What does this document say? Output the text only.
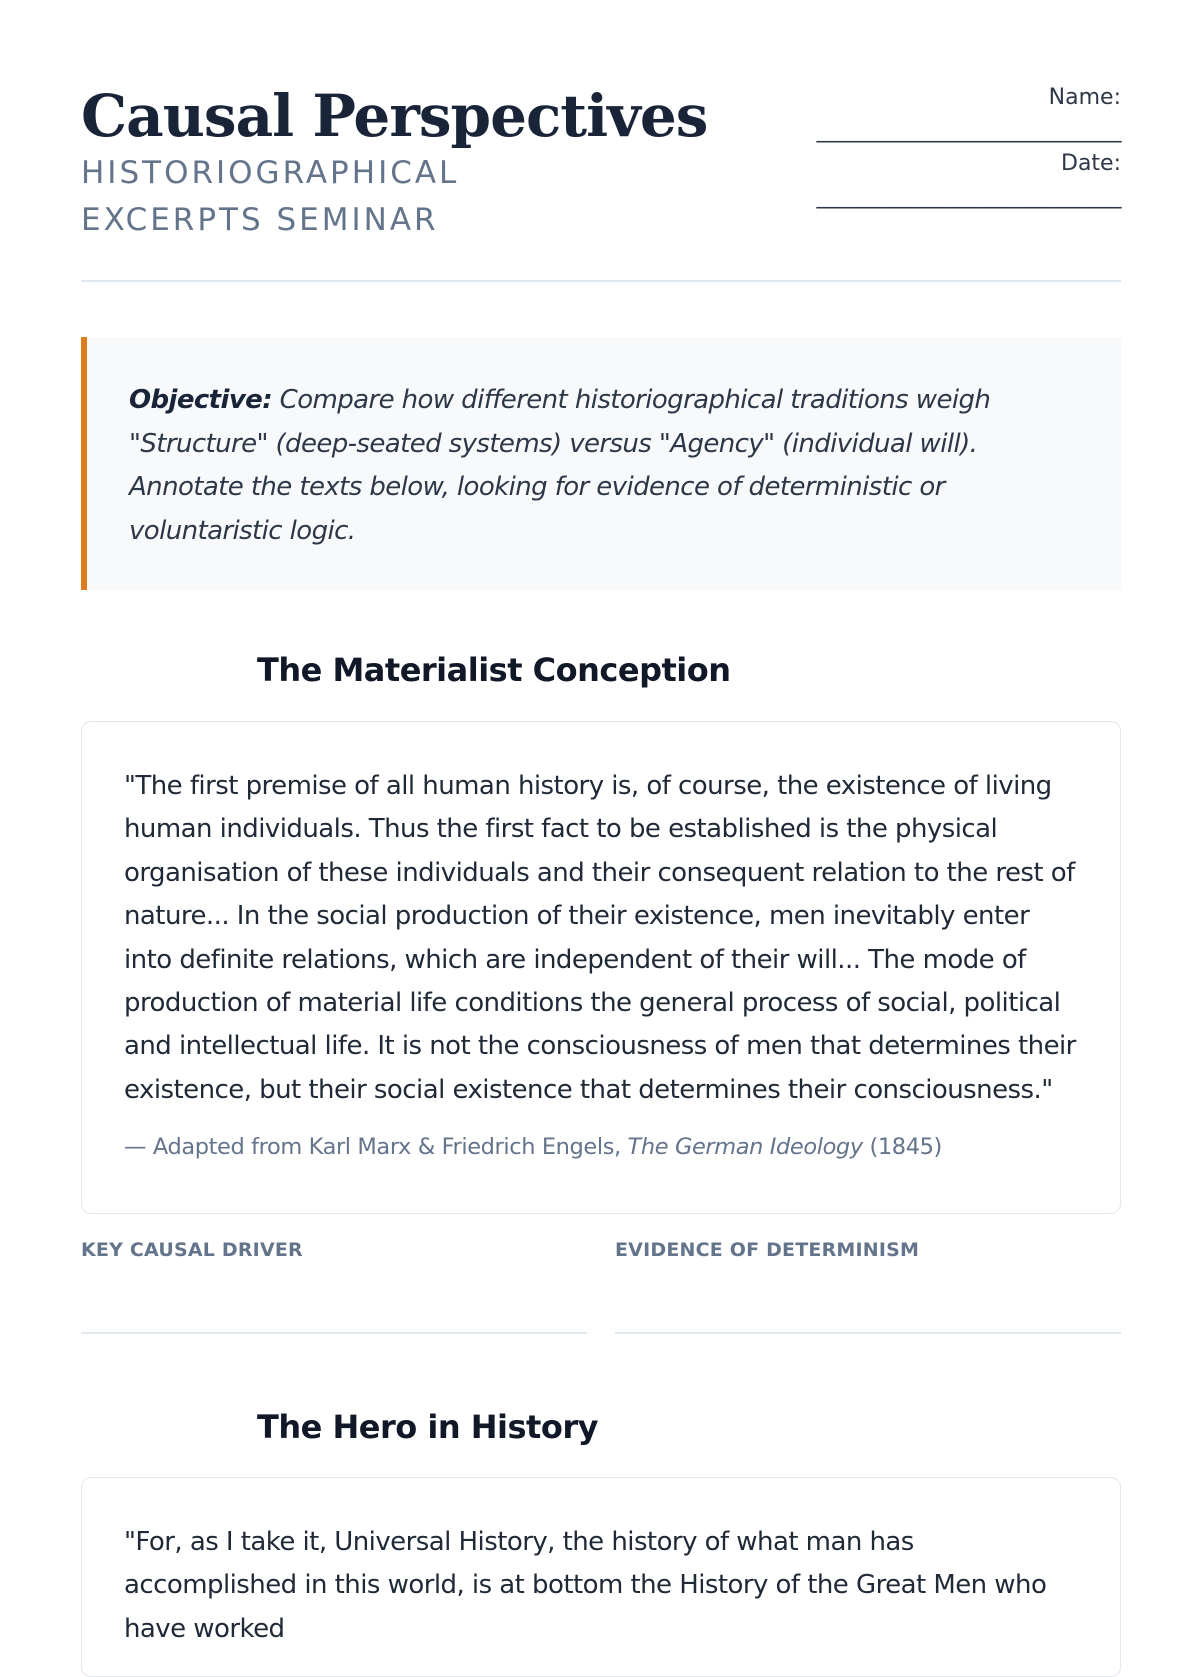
Causal Perspectives
HISTORIOGRAPHICAL EXCERPTS SEMINAR
Name:
_____________________________
Date:
_____________________________

Objective: Compare how different historiographical traditions weigh "Structure" (deep-seated systems) versus "Agency" (individual will). Annotate the texts below, looking for evidence of deterministic or voluntaristic logic.

The Materialist Conception

"The first premise of all human history is, of course, the existence of living human individuals. Thus the first fact to be established is the physical organisation of these individuals and their consequent relation to the rest of nature... In the social production of their existence, men inevitably enter into definite relations, which are independent of their will... The mode of production of material life conditions the general process of social, political and intellectual life. It is not the consciousness of men that determines their existence, but their social existence that determines their consciousness."

— Adapted from Karl Marx & Friedrich Engels, The German Ideology (1845)
KEY CAUSAL DRIVER	EVIDENCE OF DETERMINISM
The Hero in History

"For, as I take it, Universal History, the history of what man has accomplished in this world, is at bottom the History of the Great Men who have worked
